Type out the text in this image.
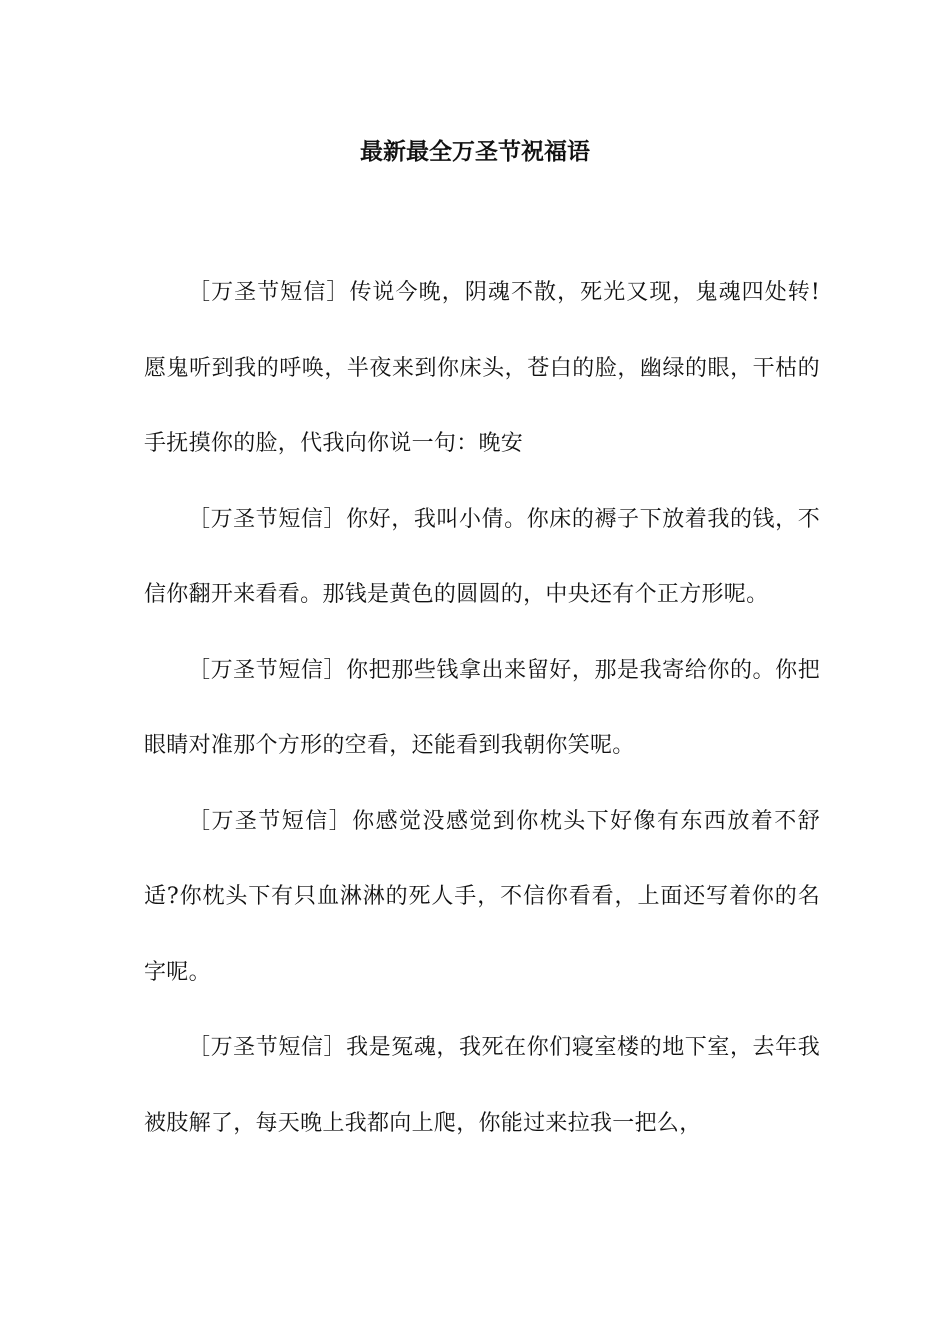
最新最全万圣节祝福语

［万圣节短信］传说今晚，阴魂不散，死光又现，鬼魂四处转!愿鬼听到我的呼唤，半夜来到你床头，苍白的脸，幽绿的眼，干枯的手抚摸你的脸，代我向你说一句：晚安

［万圣节短信］你好，我叫小倩。你床的褥子下放着我的钱，不信你翻开来看看。那钱是黄色的圆圆的，中央还有个正方形呢。

［万圣节短信］你把那些钱拿出来留好，那是我寄给你的。你把眼睛对准那个方形的空看，还能看到我朝你笑呢。

［万圣节短信］你感觉没感觉到你枕头下好像有东西放着不舒适?你枕头下有只血淋淋的死人手，不信你看看，上面还写着你的名字呢。

［万圣节短信］我是冤魂，我死在你们寝室楼的地下室，去年我被肢解了，每天晚上我都向上爬，你能过来拉我一把么，
